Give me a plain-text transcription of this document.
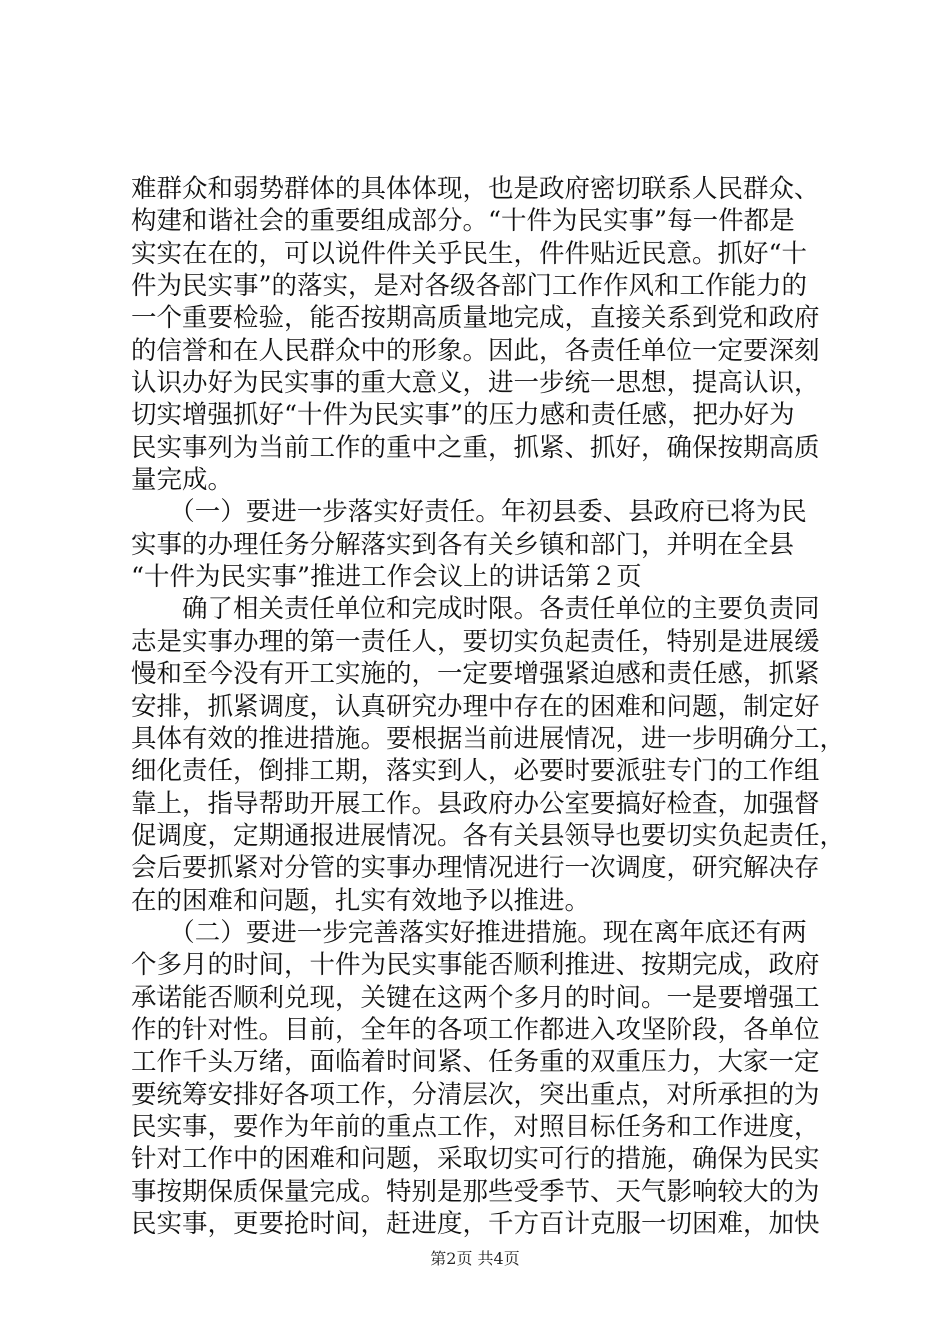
难群众和弱势群体的具体体现，也是政府密切联系人民群众、
构建和谐社会的重要组成部分。“十件为民实事”每一件都是
实实在在的，可以说件件关乎民生，件件贴近民意。抓好“十
件为民实事”的落实，是对各级各部门工作作风和工作能力的
一个重要检验，能否按期高质量地完成，直接关系到党和政府
的信誉和在人民群众中的形象。因此，各责任单位一定要深刻
认识办好为民实事的重大意义，进一步统一思想，提高认识，
切实增强抓好“十件为民实事”的压力感和责任感，把办好为
民实事列为当前工作的重中之重，抓紧、抓好，确保按期高质
量完成。
　　（一）要进一步落实好责任。年初县委、县政府已将为民
实事的办理任务分解落实到各有关乡镇和部门，并明在全县
“十件为民实事”推进工作会议上的讲话第２页
　　确了相关责任单位和完成时限。各责任单位的主要负责同
志是实事办理的第一责任人，要切实负起责任，特别是进展缓
慢和至今没有开工实施的，一定要增强紧迫感和责任感，抓紧
安排，抓紧调度，认真研究办理中存在的困难和问题，制定好
具体有效的推进措施。要根据当前进展情况，进一步明确分工，
细化责任，倒排工期，落实到人，必要时要派驻专门的工作组
靠上，指导帮助开展工作。县政府办公室要搞好检查，加强督
促调度，定期通报进展情况。各有关县领导也要切实负起责任，
会后要抓紧对分管的实事办理情况进行一次调度，研究解决存
在的困难和问题，扎实有效地予以推进。
　　（二）要进一步完善落实好推进措施。现在离年底还有两
个多月的时间，十件为民实事能否顺利推进、按期完成，政府
承诺能否顺利兑现，关键在这两个多月的时间。一是要增强工
作的针对性。目前，全年的各项工作都进入攻坚阶段，各单位
工作千头万绪，面临着时间紧、任务重的双重压力，大家一定
要统筹安排好各项工作，分清层次，突出重点，对所承担的为
民实事，要作为年前的重点工作，对照目标任务和工作进度，
针对工作中的困难和问题，采取切实可行的措施，确保为民实
事按期保质保量完成。特别是那些受季节、天气影响较大的为
民实事，更要抢时间，赶进度，千方百计克服一切困难，加快
第2页 共4页
